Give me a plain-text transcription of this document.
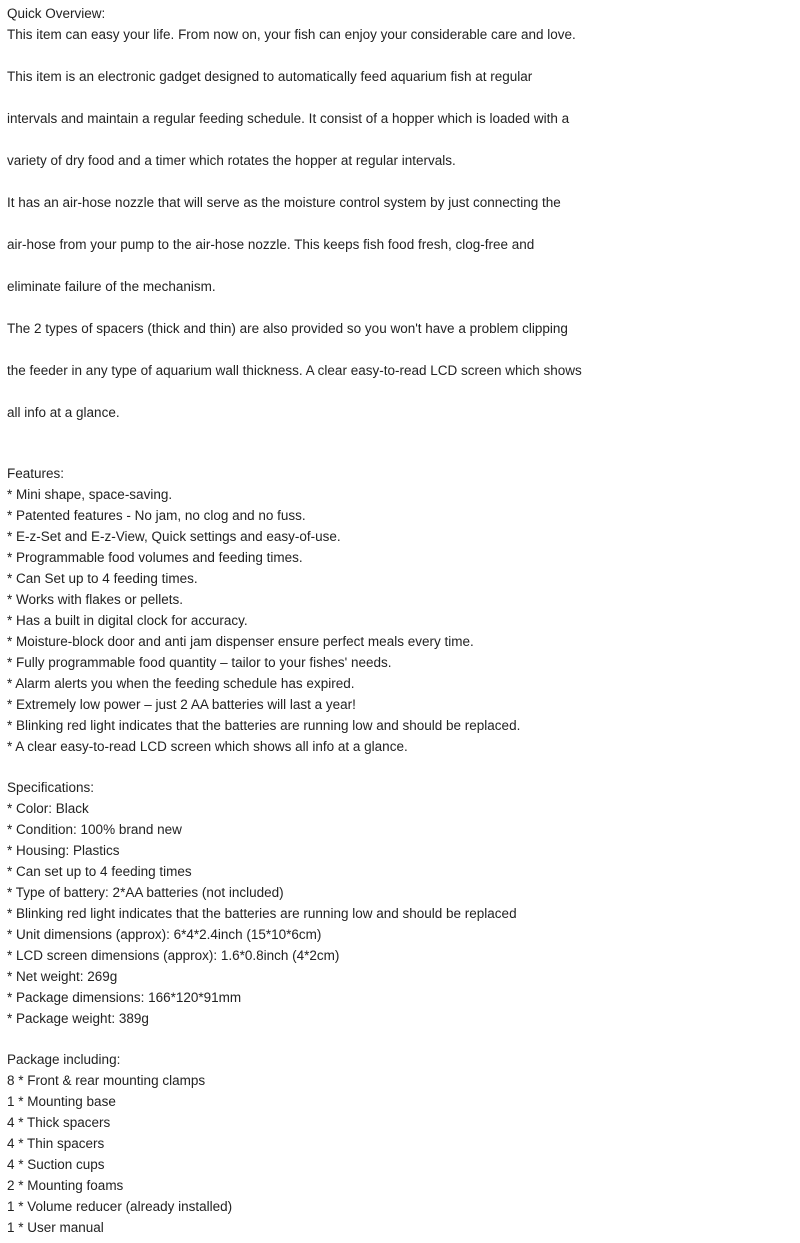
Quick Overview:
This item can easy your life. From now on, your fish can enjoy your considerable care and love.
This item is an electronic gadget designed to automatically feed aquarium fish at regular
intervals and maintain a regular feeding schedule. It consist of a hopper which is loaded with a
variety of dry food and a timer which rotates the hopper at regular intervals.
It has an air-hose nozzle that will serve as the moisture control system by just connecting the
air-hose from your pump to the air-hose nozzle. This keeps fish food fresh, clog-free and
eliminate failure of the mechanism.
The 2 types of spacers (thick and thin) are also provided so you won't have a problem clipping
the feeder in any type of aquarium wall thickness. A clear easy-to-read LCD screen which shows
all info at a glance.
Features:
* Mini shape, space-saving.
* Patented features - No jam, no clog and no fuss.
* E-z-Set and E-z-View, Quick settings and easy-of-use.
* Programmable food volumes and feeding times.
* Can Set up to 4 feeding times.
* Works with flakes or pellets.
* Has a built in digital clock for accuracy.
* Moisture-block door and anti jam dispenser ensure perfect meals every time.
* Fully programmable food quantity – tailor to your fishes' needs.
* Alarm alerts you when the feeding schedule has expired.
* Extremely low power – just 2 AA batteries will last a year!
* Blinking red light indicates that the batteries are running low and should be replaced.
* A clear easy-to-read LCD screen which shows all info at a glance.
Specifications:
* Color: Black
* Condition: 100% brand new
* Housing: Plastics
* Can set up to 4 feeding times
* Type of battery: 2*AA batteries (not included)
* Blinking red light indicates that the batteries are running low and should be replaced
* Unit dimensions (approx): 6*4*2.4inch (15*10*6cm)
* LCD screen dimensions (approx): 1.6*0.8inch (4*2cm)
* Net weight: 269g
* Package dimensions: 166*120*91mm
* Package weight: 389g
Package including:
8 * Front & rear mounting clamps
1 * Mounting base
4 * Thick spacers
4 * Thin spacers
4 * Suction cups
2 * Mounting foams
1 * Volume reducer (already installed)
1 * User manual
